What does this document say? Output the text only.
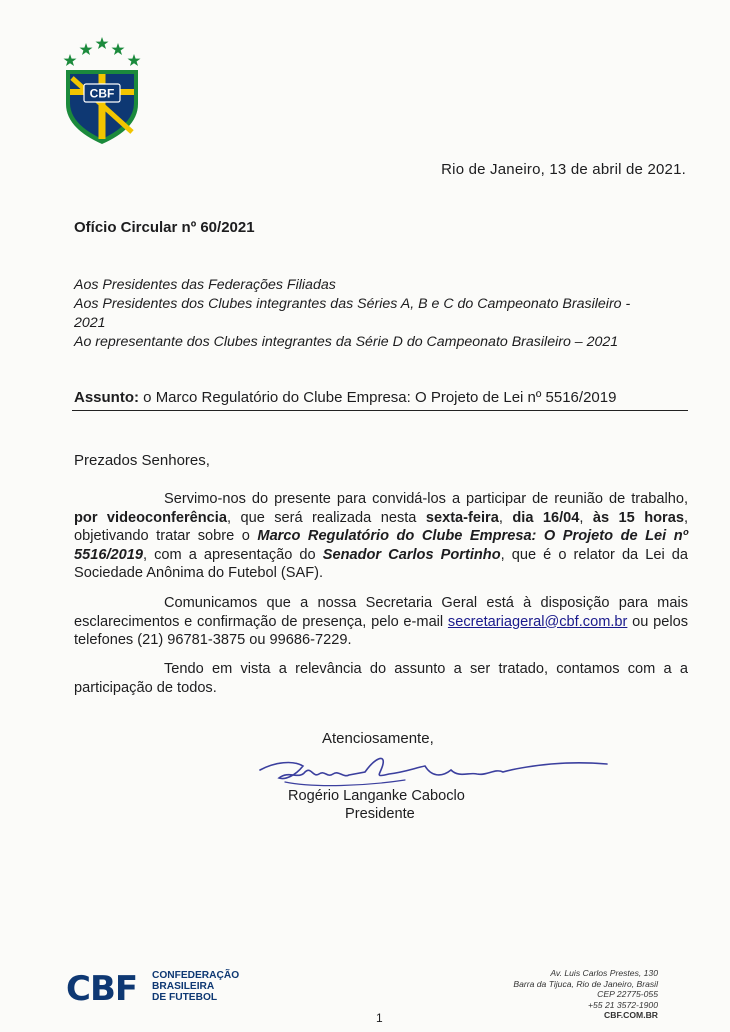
CBF
Rio de Janeiro, 13 de abril de 2021.
Ofício Circular nº 60/2021
Aos Presidentes das Federações Filiadas
Aos Presidentes dos Clubes integrantes das Séries A, B e C do Campeonato Brasileiro -
2021
Ao representante dos Clubes integrantes da Série D do Campeonato Brasileiro – 2021
Assunto: o Marco Regulatório do Clube Empresa: O Projeto de Lei nº 5516/2019
Prezados Senhores,
Servimo-nos do presente para convidá-los a participar de reunião de trabalho, por videoconferência, que será realizada nesta sexta-feira, dia 16/04, às 15 horas, objetivando tratar sobre o Marco Regulatório do Clube Empresa: O Projeto de Lei nº 5516/2019, com a apresentação do Senador Carlos Portinho, que é o relator da Lei da Sociedade Anônima do Futebol (SAF).
Comunicamos que a nossa Secretaria Geral está à disposição para mais esclarecimentos e confirmação de presença, pelo e-mail secretariageral@cbf.com.br ou pelos telefones (21) 96781-3875 ou 99686-7229.
Tendo em vista a relevância do assunto a ser tratado, contamos com a a participação de todos.
Atenciosamente,
Rogério Langanke Caboclo
Presidente
CBF CONFEDERAÇÃO
BRASILEIRA
DE FUTEBOL
Av. Luis Carlos Prestes, 130
Barra da Tijuca, Rio de Janeiro, Brasil
CEP 22775-055
+55 21 3572-1900
CBF.COM.BR
1
